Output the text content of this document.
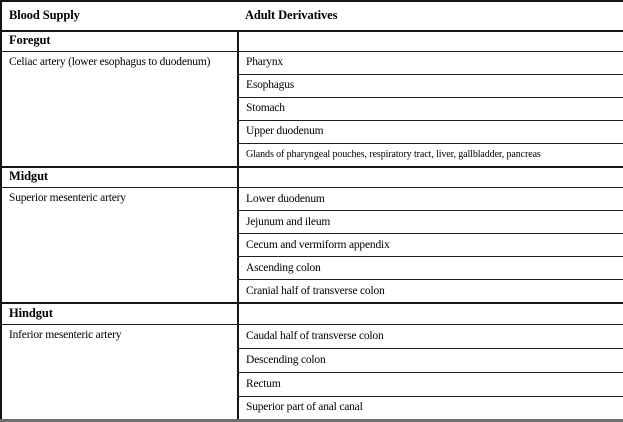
Blood Supply	Adult Derivatives
Foregut	
Celiac artery (lower esophagus to duodenum)	Pharynx
	Esophagus
	Stomach
	Upper duodenum
	Glands of pharyngeal pouches, respiratory tract, liver, gallbladder, pancreas
Midgut	
Superior mesenteric artery	Lower duodenum
	Jejunum and ileum
	Cecum and vermiform appendix
	Ascending colon
	Cranial half of transverse colon
Hindgut	
Inferior mesenteric artery	Caudal half of transverse colon
	Descending colon
	Rectum
	Superior part of anal canal
